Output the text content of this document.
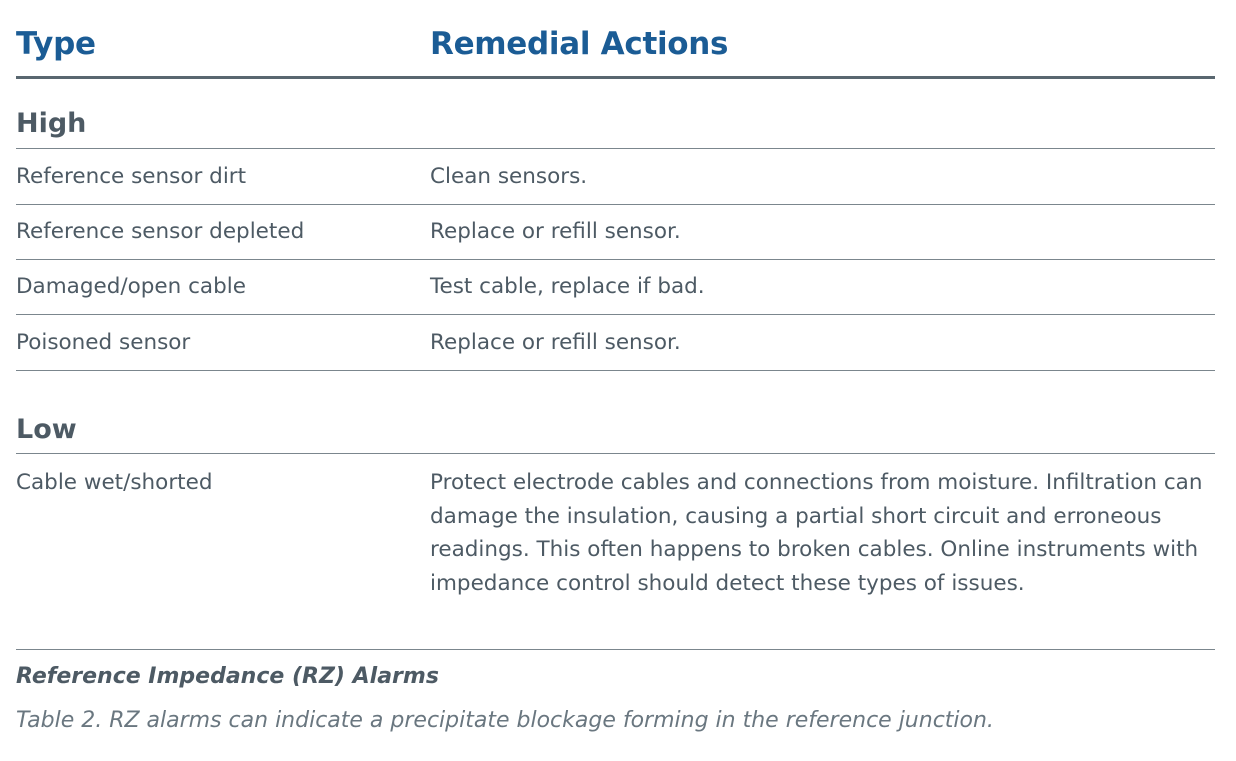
Type	Remedial Actions
High
Reference sensor dirt	Clean sensors.
Reference sensor depleted	Replace or refill sensor.
Damaged/open cable	Test cable, replace if bad.
Poisoned sensor	Replace or refill sensor.
Low
Cable wet/shorted	Protect electrode cables and connections from moisture. Infiltration can damage the insulation, causing a partial short circuit and erroneous readings. This often happens to broken cables. Online instruments with impedance control should detect these types of issues.
Reference Impedance (RZ) Alarms
Table 2. RZ alarms can indicate a precipitate blockage forming in the reference junction.
